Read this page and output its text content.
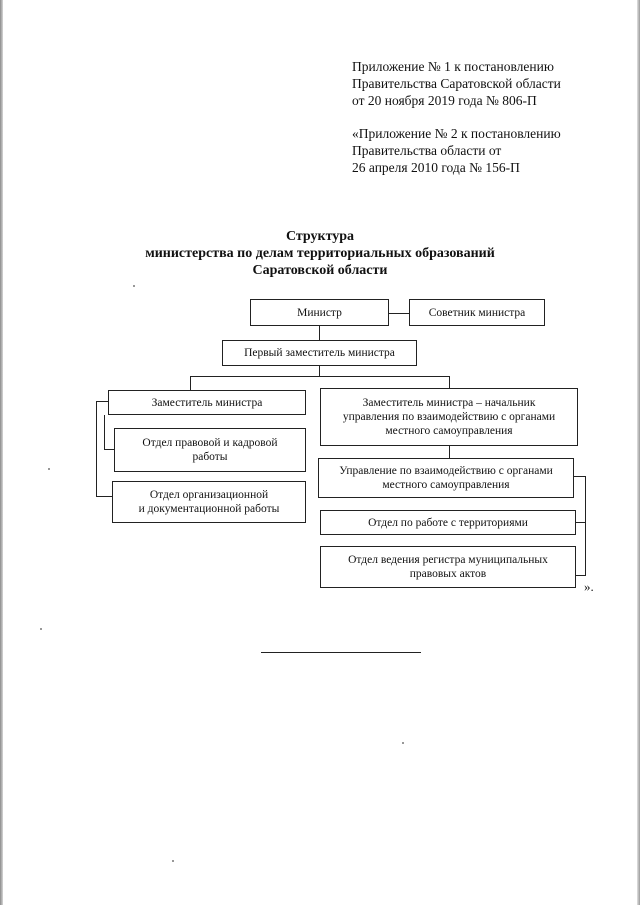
Приложение № 1 к постановлению
Правительства Саратовской области
от 20 ноября 2019 года № 806-П
«Приложение № 2 к постановлению
Правительства области от
26 апреля 2010 года № 156-П
Структура
министерства по делам территориальных образований
Саратовской области
Министр	Советник министра
Первый заместитель министра
Заместитель министра
Отдел правовой и кадровой
работы
Отдел организационной
и документационной работы
Заместитель министра – начальник
управления по взаимодействию с органами
местного самоуправления
Управление по взаимодействию с органами
местного самоуправления
Отдел по работе с территориями
Отдел ведения регистра муниципальных
правовых актов
».
